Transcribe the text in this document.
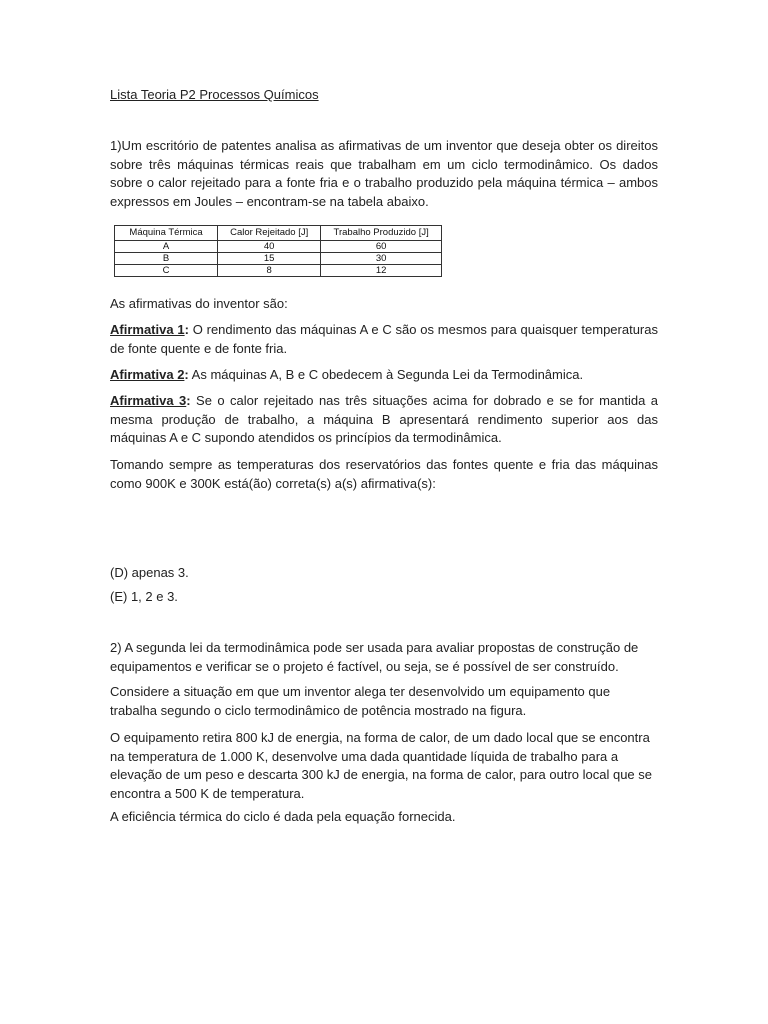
Lista Teoria P2 Processos Químicos

1)Um escritório de patentes analisa as afirmativas de um inventor que deseja obter os direitos sobre três máquinas térmicas reais que trabalham em um ciclo termodinâmico. Os dados sobre o calor rejeitado para a fonte fria e o trabalho produzido pela máquina térmica – ambos expressos em Joules – encontram-se na tabela abaixo.

Máquina Térmica	Calor Rejeitado [J]	Trabalho Produzido [J]
A	40	60
B	15	30
C	8	12

As afirmativas do inventor são:

Afirmativa 1: O rendimento das máquinas A e C são os mesmos para quaisquer temperaturas de fonte quente e de fonte fria.

Afirmativa 2: As máquinas A, B e C obedecem à Segunda Lei da Termodinâmica.

Afirmativa 3: Se o calor rejeitado nas três situações acima for dobrado e se for mantida a mesma produção de trabalho, a máquina B apresentará rendimento superior aos das máquinas A e C supondo atendidos os princípios da termodinâmica.

Tomando sempre as temperaturas dos reservatórios das fontes quente e fria das máquinas como 900K e 300K está(ão) correta(s) a(s) afirmativa(s):

(D) apenas 3.

(E) 1, 2 e 3.

2) A segunda lei da termodinâmica pode ser usada para avaliar propostas de construção de equipamentos e verificar se o projeto é factível, ou seja, se é possível de ser construído.

Considere a situação em que um inventor alega ter desenvolvido um equipamento que trabalha segundo o ciclo termodinâmico de potência mostrado na figura.

O equipamento retira 800 kJ de energia, na forma de calor, de um dado local que se encontra na temperatura de 1.000 K, desenvolve uma dada quantidade líquida de trabalho para a elevação de um peso e descarta 300 kJ de energia, na forma de calor, para outro local que se encontra a 500 K de temperatura.

A eficiência térmica do ciclo é dada pela equação fornecida.
